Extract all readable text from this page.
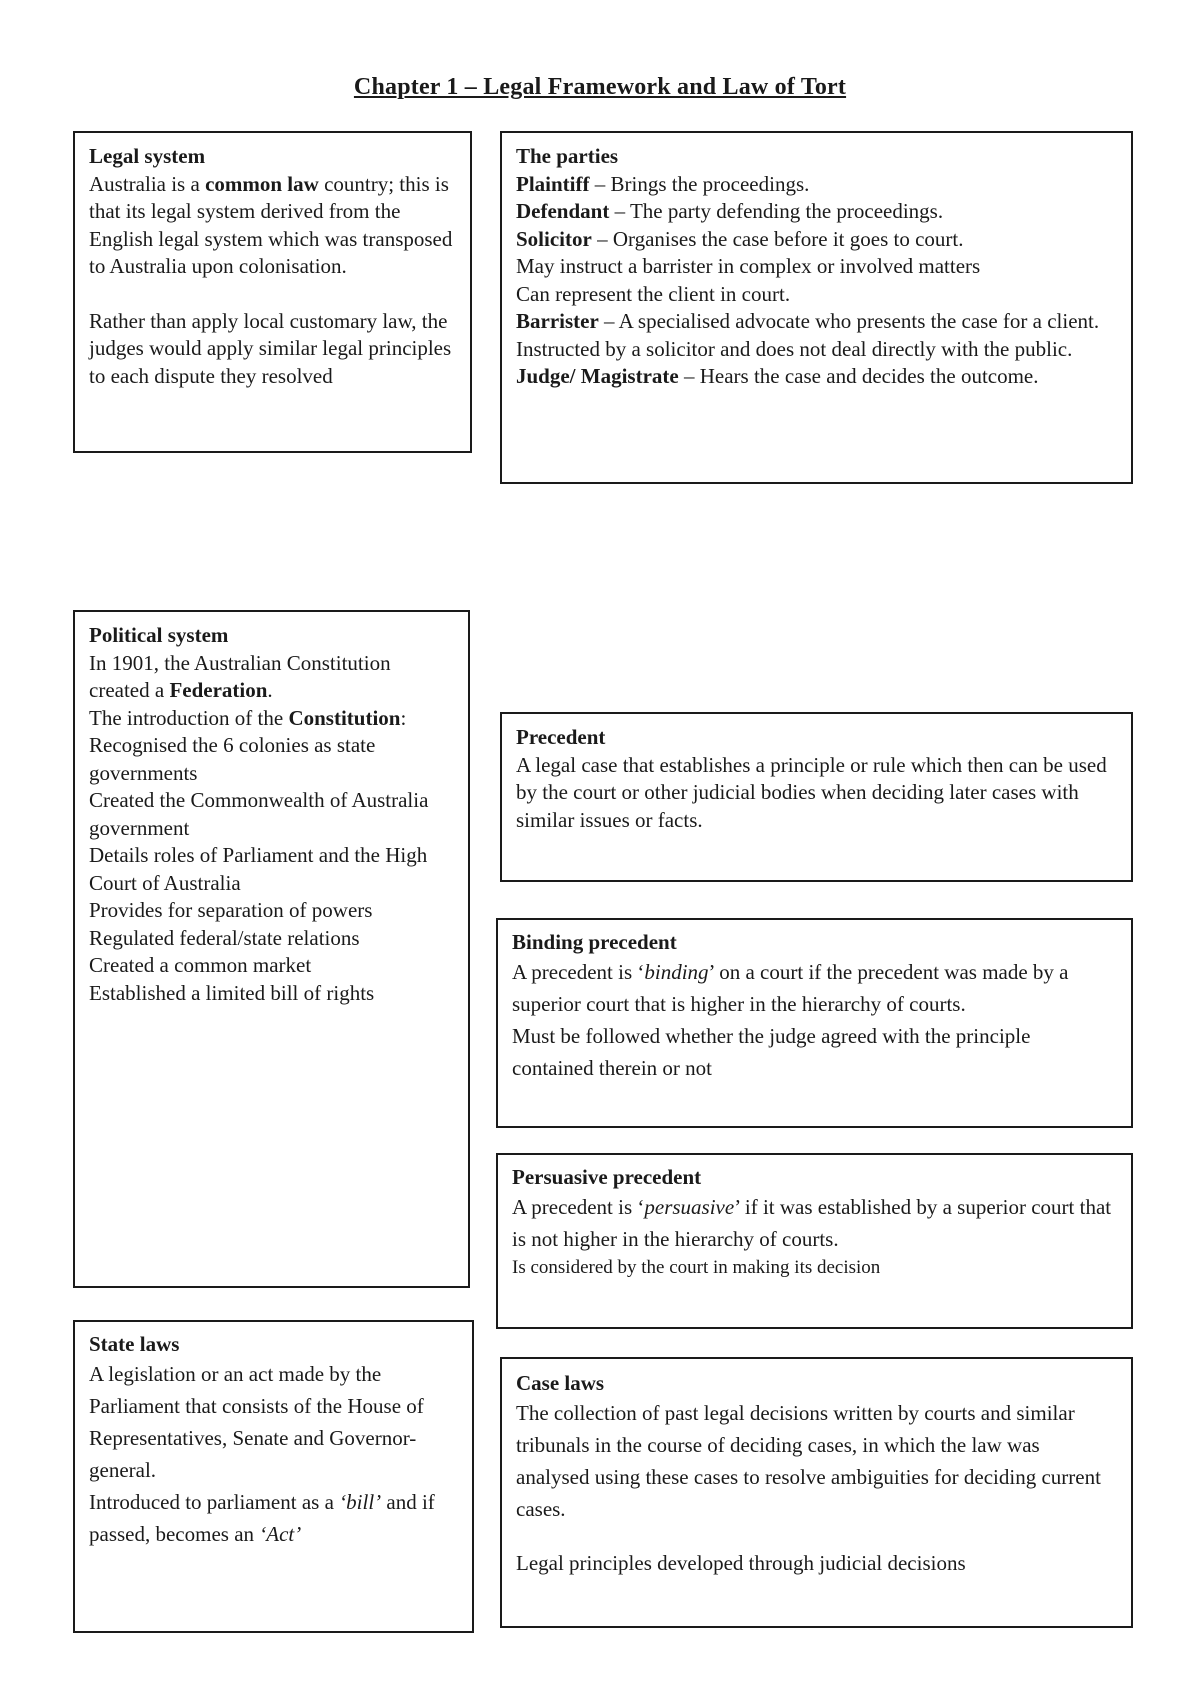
Chapter 1 – Legal Framework and Law of Tort

Legal system

Australia is a common law country; this is that its legal system derived from the English legal system which was transposed to Australia upon colonisation.

Rather than apply local customary law, the judges would apply similar legal principles to each dispute they resolved

The parties

Plaintiff – Brings the proceedings.

Defendant – The party defending the proceedings.

Solicitor – Organises the case before it goes to court.

May instruct a barrister in complex or involved matters

Can represent the client in court.

Barrister – A specialised advocate who presents the case for a client.

Instructed by a solicitor and does not deal directly with the public.

Judge/ Magistrate – Hears the case and decides the outcome.

Political system

In 1901, the Australian Constitution created a Federation.

The introduction of the Constitution:

Recognised the 6 colonies as state governments

Created the Commonwealth of Australia government

Details roles of Parliament and the High Court of Australia

Provides for separation of powers

Regulated federal/state relations

Created a common market

Established a limited bill of rights

Precedent

A legal case that establishes a principle or rule which then can be used by the court or other judicial bodies when deciding later cases with similar issues or facts.

Binding precedent

A precedent is ‘binding’ on a court if the precedent was made by a superior court that is higher in the hierarchy of courts.

Must be followed whether the judge agreed with the principle contained therein or not

Persuasive precedent

A precedent is ‘persuasive’ if it was established by a superior court that is not higher in the hierarchy of courts.

Is considered by the court in making its decision

State laws

A legislation or an act made by the Parliament that consists of the House of Representatives, Senate and Governor-general.

Introduced to parliament as a ‘bill’ and if passed, becomes an ‘Act’

Case laws

The collection of past legal decisions written by courts and similar tribunals in the course of deciding cases, in which the law was analysed using these cases to resolve ambiguities for deciding current cases.

Legal principles developed through judicial decisions
